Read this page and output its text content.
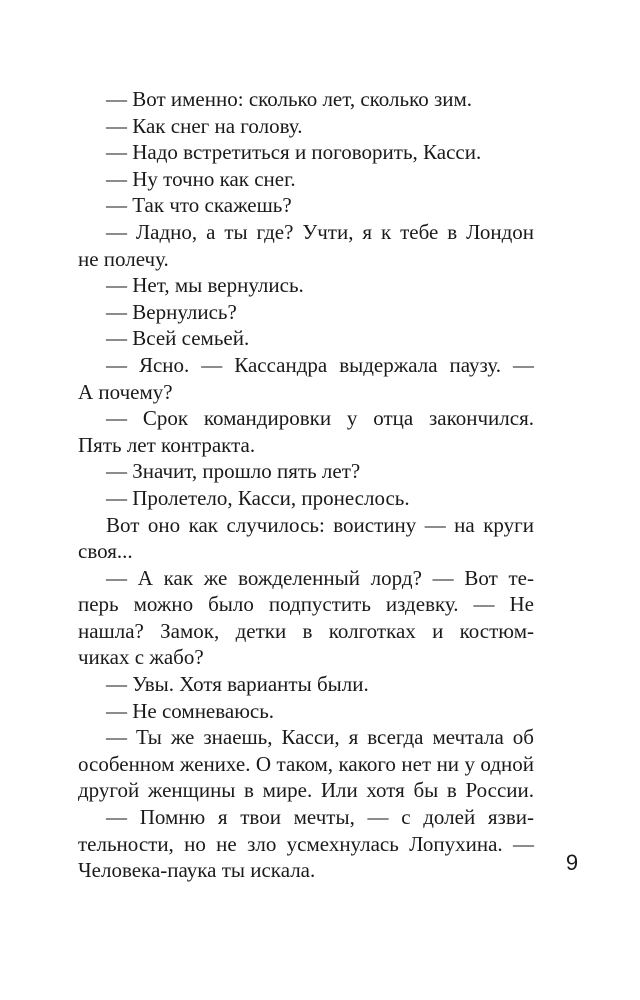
— Вот именно: сколько лет, сколько зим.
— Как снег на голову.
— Надо встретиться и поговорить, Касси.
— Ну точно как снег.
— Так что скажешь?
— Ладно, а ты где? Учти, я к тебе в Лондон
не полечу.
— Нет, мы вернулись.
— Вернулись?
— Всей семьей.
— Ясно. — Кассандра выдержала паузу. —
А почему?
— Срок командировки у отца закончился.
Пять лет контракта.
— Значит, прошло пять лет?
— Пролетело, Касси, пронеслось.
Вот оно как случилось: воистину — на круги
своя...
— А как же вожделенный лорд? — Вот те-
перь можно было подпустить издевку. — Не
нашла? Замок, детки в колготках и костюм-
чиках с жабо?
— Увы. Хотя варианты были.
— Не сомневаюсь.
— Ты же знаешь, Касси, я всегда мечтала об
особенном женихе. О таком, какого нет ни у одной
другой женщины в мире. Или хотя бы в России.
— Помню я твои мечты, — с долей язви-
тельности, но не зло усмехнулась Лопухина. —
Человека-паука ты искала.	9
